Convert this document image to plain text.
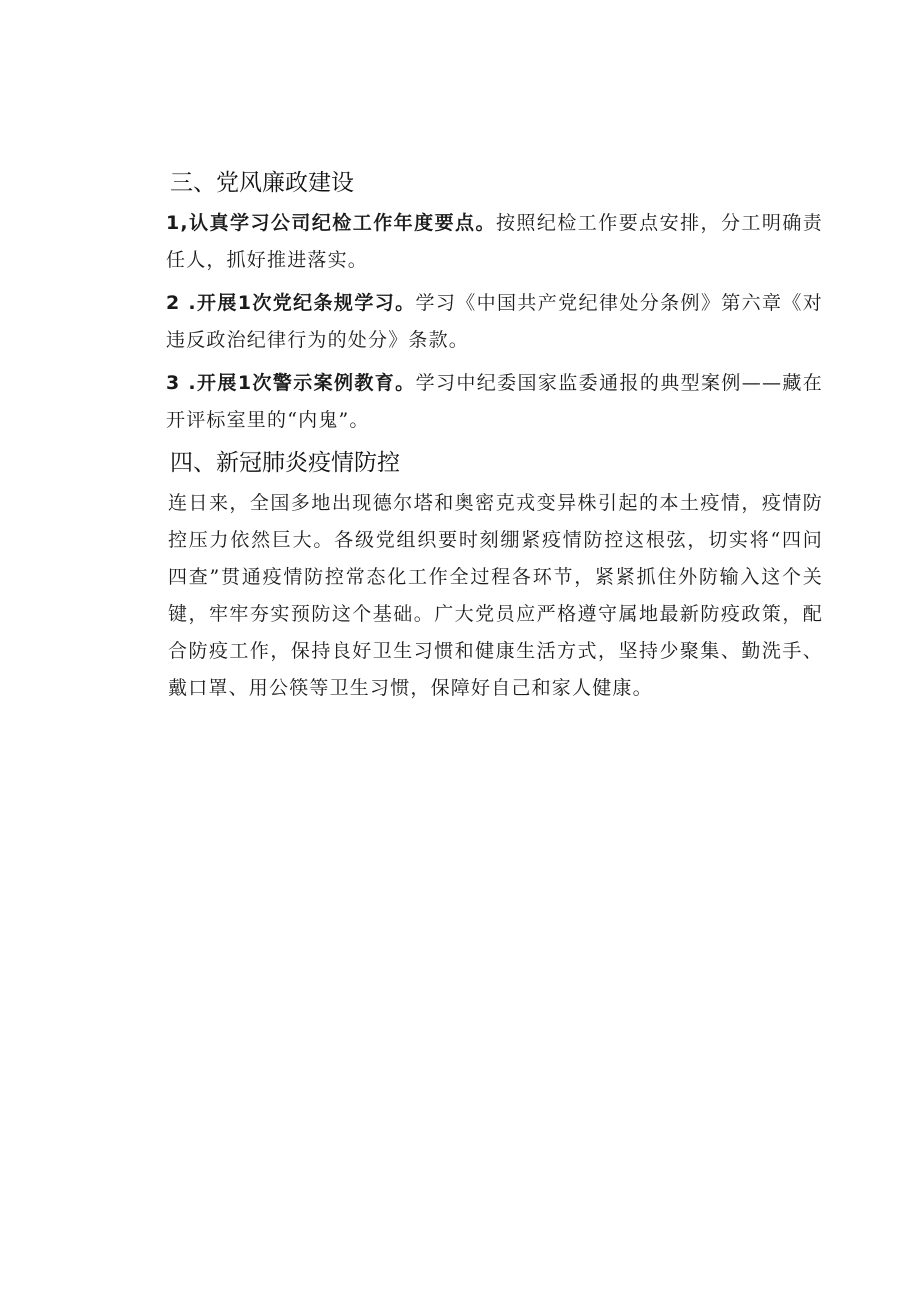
三、党风廉政建设

1,认真学习公司纪检工作年度要点。按照纪检工作要点安排，分工明确责任人，抓好推进落实。

2 .开展1次党纪条规学习。学习《中国共产党纪律处分条例》第六章《对违反政治纪律行为的处分》条款。

3 .开展1次警示案例教育。学习中纪委国家监委通报的典型案例——藏在开评标室里的“内鬼”。

四、新冠肺炎疫情防控

连日来，全国多地出现德尔塔和奥密克戎变异株引起的本土疫情，疫情防控压力依然巨大。各级党组织要时刻绷紧疫情防控这根弦，切实将“四问四查”贯通疫情防控常态化工作全过程各环节，紧紧抓住外防输入这个关键，牢牢夯实预防这个基础。广大党员应严格遵守属地最新防疫政策，配合防疫工作，保持良好卫生习惯和健康生活方式，坚持少聚集、勤洗手、戴口罩、用公筷等卫生习惯，保障好自己和家人健康。
